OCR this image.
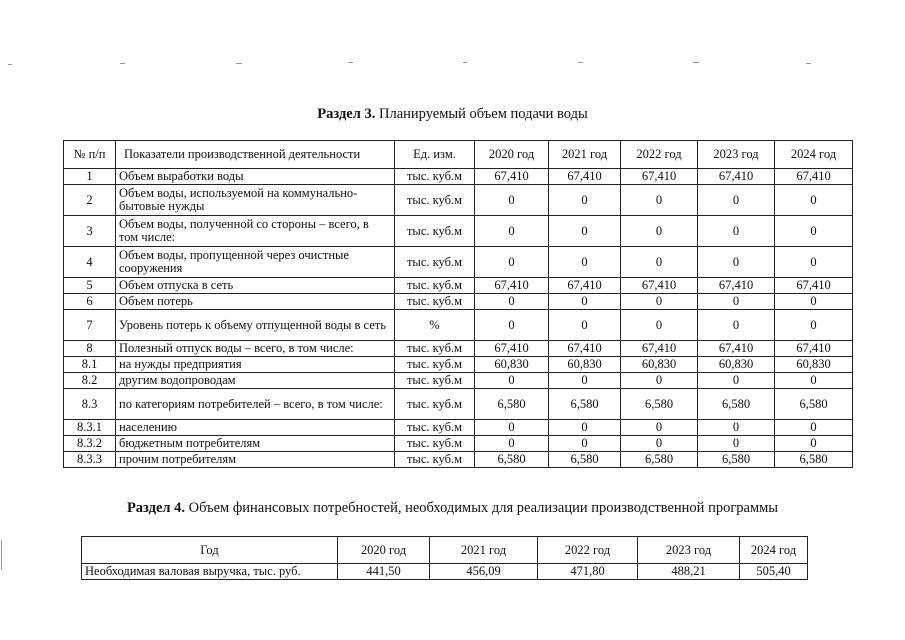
Раздел 3. Планируемый объем подачи воды
№ п/п	Показатели производственной деятельности	Ед. изм.	2020 год	2021 год	2022 год	2023 год	2024 год
1	Объем выработки воды	тыс. куб.м	67,410	67,410	67,410	67,410	67,410
2	Объем воды, используемой на коммунально-бытовые нужды	тыс. куб.м	0	0	0	0	0
3	Объем воды, полученной со стороны – всего, в том числе:	тыс. куб.м	0	0	0	0	0
4	Объем воды, пропущенной через очистные сооружения	тыс. куб.м	0	0	0	0	0
5	Объем отпуска в сеть	тыс. куб.м	67,410	67,410	67,410	67,410	67,410
6	Объем потерь	тыс. куб.м	0	0	0	0	0
7	Уровень потерь к объему отпущенной воды в сеть	%	0	0	0	0	0
8	Полезный отпуск воды – всего, в том числе:	тыс. куб.м	67,410	67,410	67,410	67,410	67,410
8.1	на нужды предприятия	тыс. куб.м	60,830	60,830	60,830	60,830	60,830
8.2	другим водопроводам	тыс. куб.м	0	0	0	0	0
8.3	по категориям потребителей – всего, в том числе:	тыс. куб.м	6,580	6,580	6,580	6,580	6,580
8.3.1	населению	тыс. куб.м	0	0	0	0	0
8.3.2	бюджетным потребителям	тыс. куб.м	0	0	0	0	0
8.3.3	прочим потребителям	тыс. куб.м	6,580	6,580	6,580	6,580	6,580
Раздел 4. Объем финансовых потребностей, необходимых для реализации производственной программы
Год	2020 год	2021 год	2022 год	2023 год	2024 год
Необходимая валовая выручка, тыс. руб.	441,50	456,09	471,80	488,21	505,40
